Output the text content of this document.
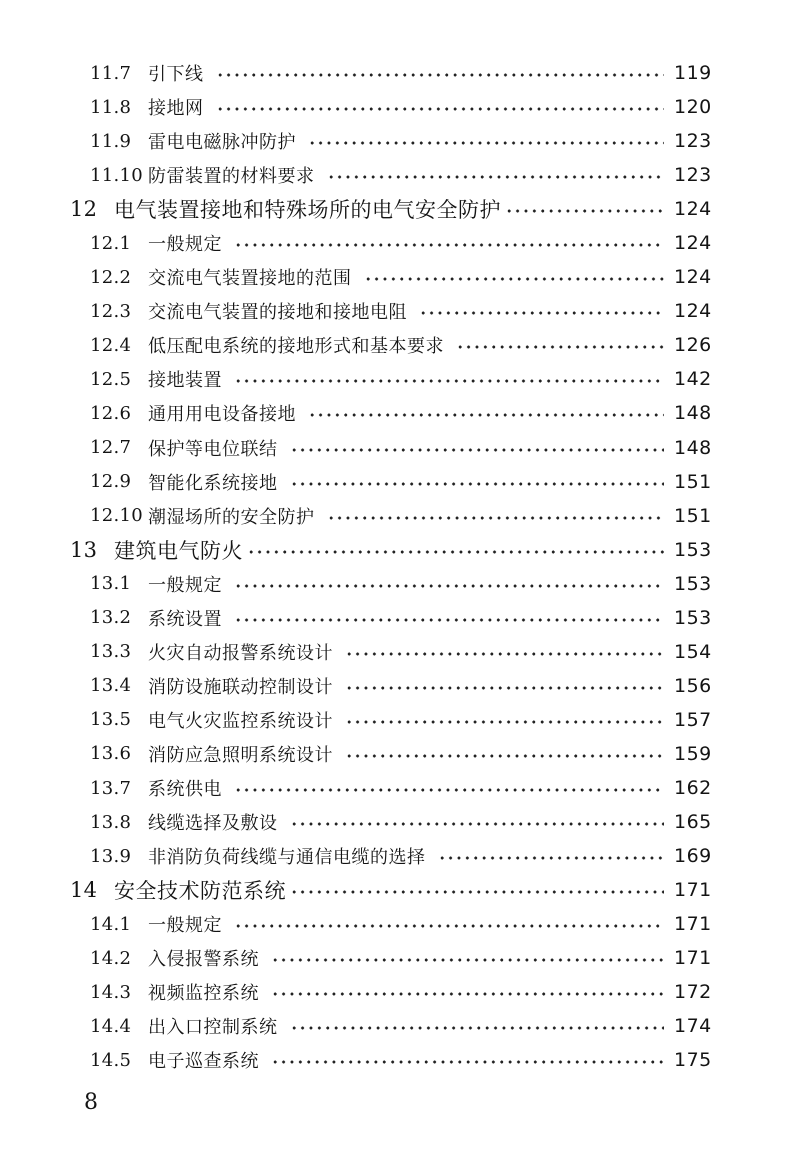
11.7 引下线	119
11.8 接地网	120
11.9 雷电电磁脉冲防护	123
11.10 防雷装置的材料要求	123
12 电气装置接地和特殊场所的电气安全防护	124
12.1 一般规定	124
12.2 交流电气装置接地的范围	124
12.3 交流电气装置的接地和接地电阻	124
12.4 低压配电系统的接地形式和基本要求	126
12.5 接地装置	142
12.6 通用用电设备接地	148
12.7 保护等电位联结	148
12.9 智能化系统接地	151
12.10 潮湿场所的安全防护	151
13 建筑电气防火	153
13.1 一般规定	153
13.2 系统设置	153
13.3 火灾自动报警系统设计	154
13.4 消防设施联动控制设计	156
13.5 电气火灾监控系统设计	157
13.6 消防应急照明系统设计	159
13.7 系统供电	162
13.8 线缆选择及敷设	165
13.9 非消防负荷线缆与通信电缆的选择	169
14 安全技术防范系统	171
14.1 一般规定	171
14.2 入侵报警系统	171
14.3 视频监控系统	172
14.4 出入口控制系统	174
14.5 电子巡查系统	175
8
